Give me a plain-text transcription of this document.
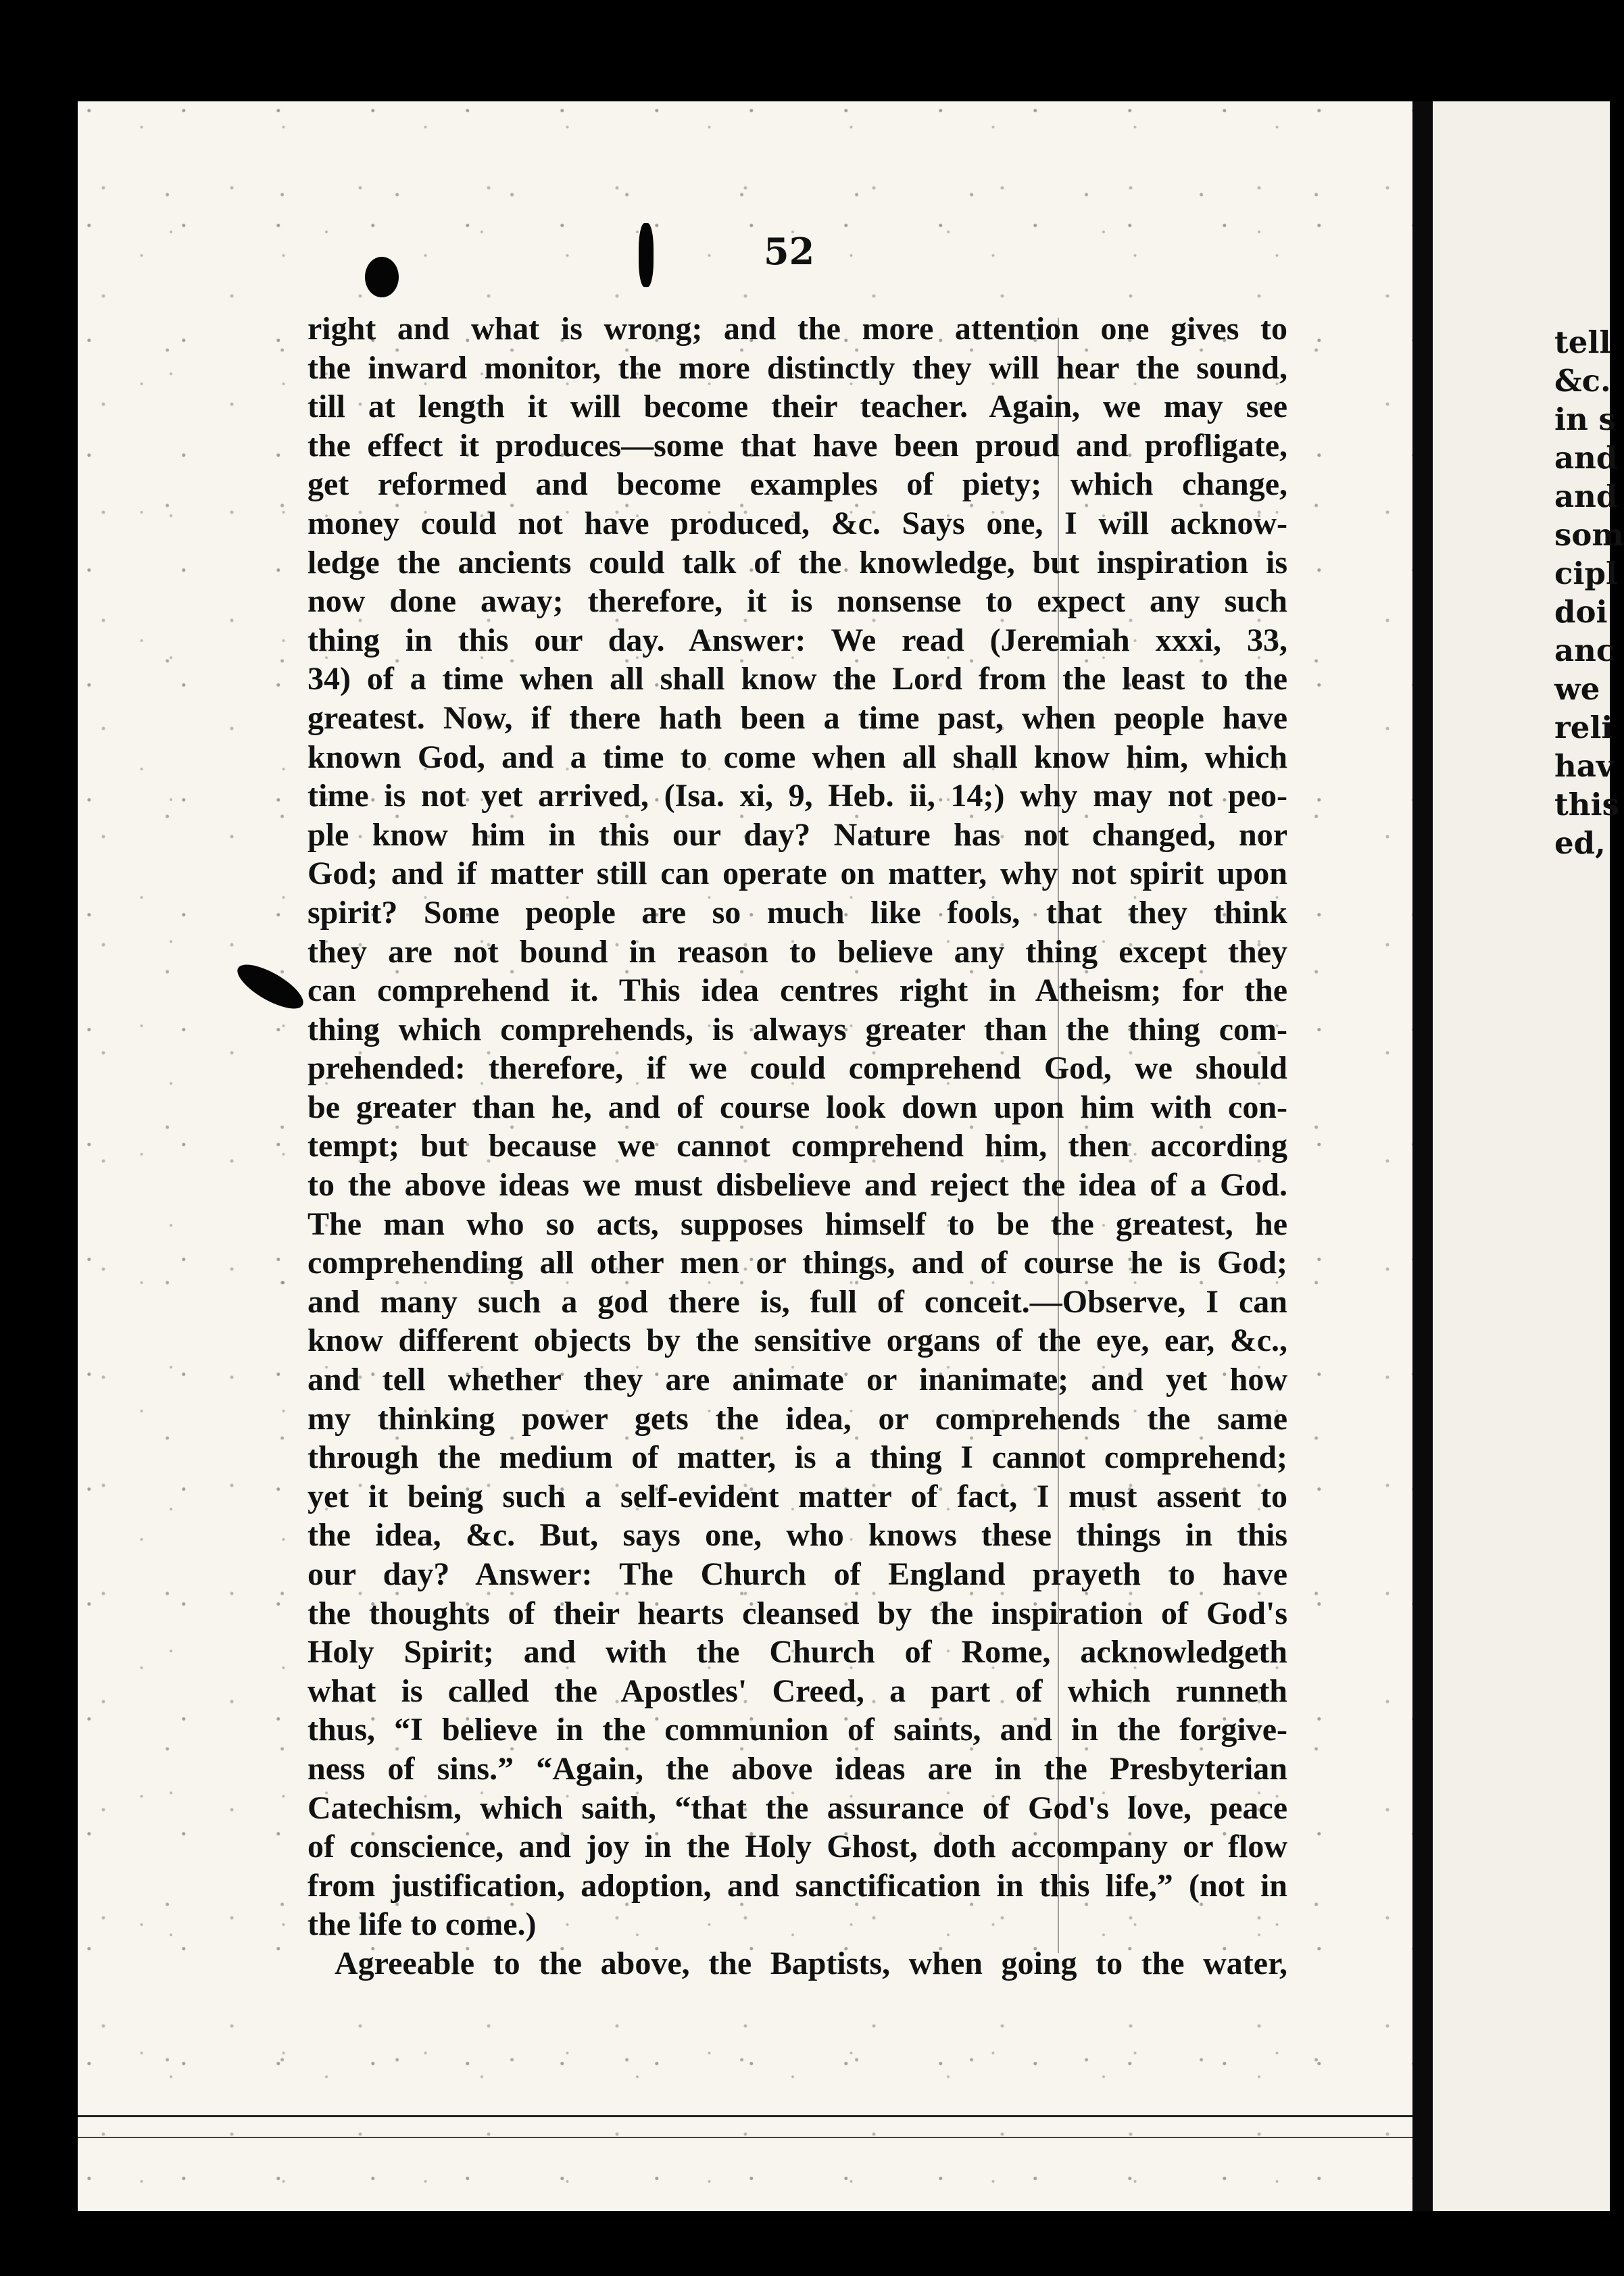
52
right and what is wrong; and the more attention one gives to
the inward monitor, the more distinctly they will hear the sound,
till at length it will become their teacher. Again, we may see
the effect it produces—some that have been proud and profligate,
get reformed and become examples of piety; which change,
money could not have produced, &c. Says one, I will acknow-
ledge the ancients could talk of the knowledge, but inspiration is
now done away; therefore, it is nonsense to expect any such
thing in this our day. Answer: We read (Jeremiah xxxi, 33,
34) of a time when all shall know the Lord from the least to the
greatest. Now, if there hath been a time past, when people have
known God, and a time to come when all shall know him, which
time is not yet arrived, (Isa. xi, 9, Heb. ii, 14;) why may not peo-
ple know him in this our day? Nature has not changed, nor
God; and if matter still can operate on matter, why not spirit upon
spirit? Some people are so much like fools, that they think
they are not bound in reason to believe any thing except they
can comprehend it. This idea centres right in Atheism; for the
thing which comprehends, is always greater than the thing com-
prehended: therefore, if we could comprehend God, we should
be greater than he, and of course look down upon him with con-
tempt; but because we cannot comprehend him, then according
to the above ideas we must disbelieve and reject the idea of a God.
The man who so acts, supposes himself to be the greatest, he
comprehending all other men or things, and of course he is God;
and many such a god there is, full of conceit.—Observe, I can
know different objects by the sensitive organs of the eye, ear, &c.,
and tell whether they are animate or inanimate; and yet how
my thinking power gets the idea, or comprehends the same
through the medium of matter, is a thing I cannot comprehend;
yet it being such a self-evident matter of fact, I must assent to
the idea, &c. But, says one, who knows these things in this
our day? Answer: The Church of England prayeth to have
the thoughts of their hearts cleansed by the inspiration of God's
Holy Spirit; and with the Church of Rome, acknowledgeth
what is called the Apostles' Creed, a part of which runneth
thus, “I believe in the communion of saints, and in the forgive-
ness of sins.” “Again, the above ideas are in the Presbyterian
Catechism, which saith, “that the assurance of God's love, peace
of conscience, and joy in the Holy Ghost, doth accompany or flow
from justification, adoption, and sanctification in this life,” (not in
the life to come.)
Agreeable to the above, the Baptists, when going to the water,
tell
&c.
in s
and
and
som
cipl
doi
anc
we
reli
hav
this
ed,
